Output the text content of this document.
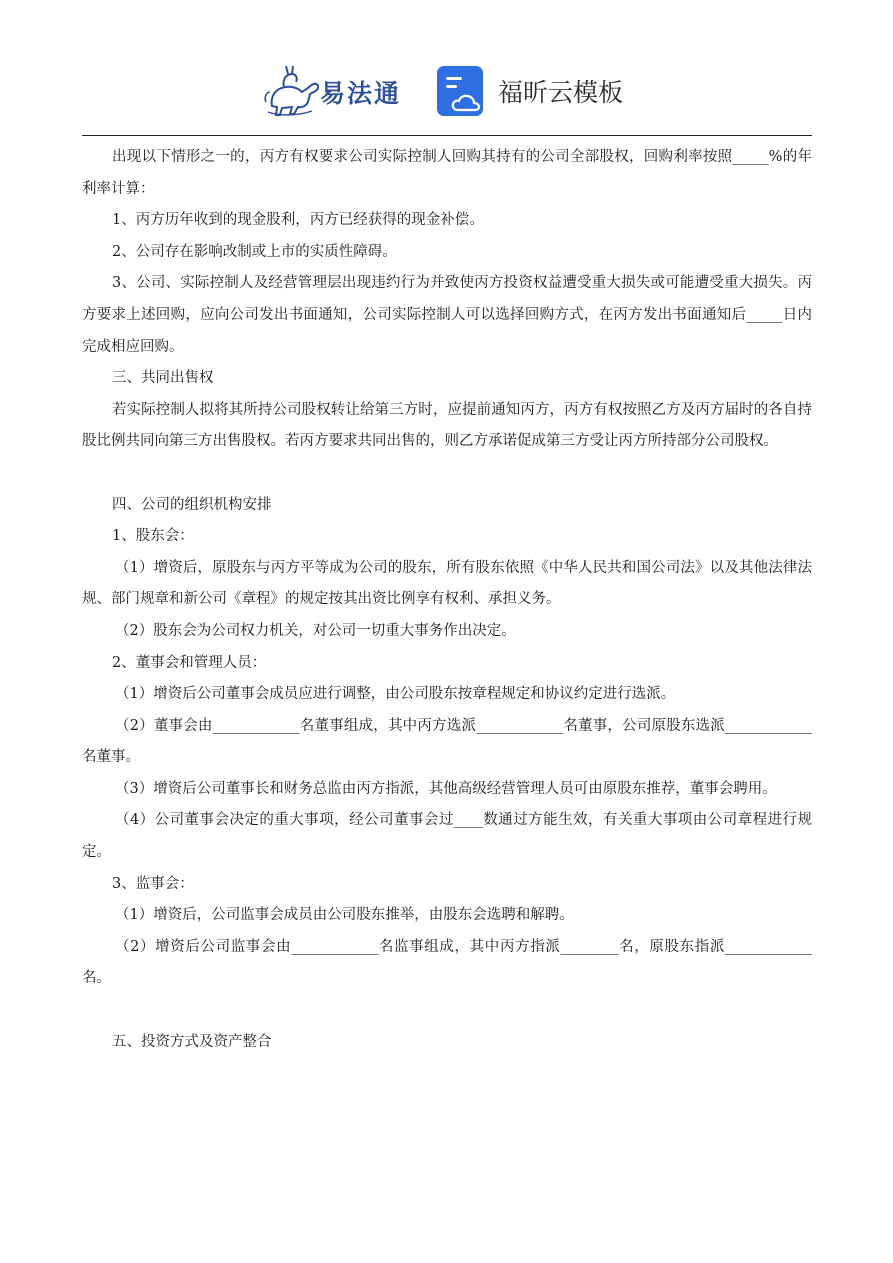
易法通	福昕云模板

出现以下情形之一的，丙方有权要求公司实际控制人回购其持有的公司全部股权，回购利率按照_____%的年利率计算：

1、丙方历年收到的现金股利，丙方已经获得的现金补偿。

2、公司存在影响改制或上市的实质性障碍。

3、公司、实际控制人及经营管理层出现违约行为并致使丙方投资权益遭受重大损失或可能遭受重大损失。丙方要求上述回购，应向公司发出书面通知，公司实际控制人可以选择回购方式，在丙方发出书面通知后_____日内完成相应回购。

三、共同出售权

若实际控制人拟将其所持公司股权转让给第三方时，应提前通知丙方，丙方有权按照乙方及丙方届时的各自持股比例共同向第三方出售股权。若丙方要求共同出售的，则乙方承诺促成第三方受让丙方所持部分公司股权。

四、公司的组织机构安排

1、股东会：

（1）增资后，原股东与丙方平等成为公司的股东，所有股东依照《中华人民共和国公司法》以及其他法律法规、部门规章和新公司《章程》的规定按其出资比例享有权利、承担义务。

（2）股东会为公司权力机关，对公司一切重大事务作出决定。

2、董事会和管理人员：

（1）增资后公司董事会成员应进行调整，由公司股东按章程规定和协议约定进行选派。

（2）董事会由____________名董事组成，其中丙方选派____________名董事，公司原股东选派____________名董事。

（3）增资后公司董事长和财务总监由丙方指派，其他高级经营管理人员可由原股东推荐，董事会聘用。

（4）公司董事会决定的重大事项，经公司董事会过____数通过方能生效，有关重大事项由公司章程进行规定。

3、监事会：

（1）增资后，公司监事会成员由公司股东推举，由股东会选聘和解聘。

（2）增资后公司监事会由____________名监事组成，其中丙方指派________名，原股东指派____________名。

五、投资方式及资产整合
